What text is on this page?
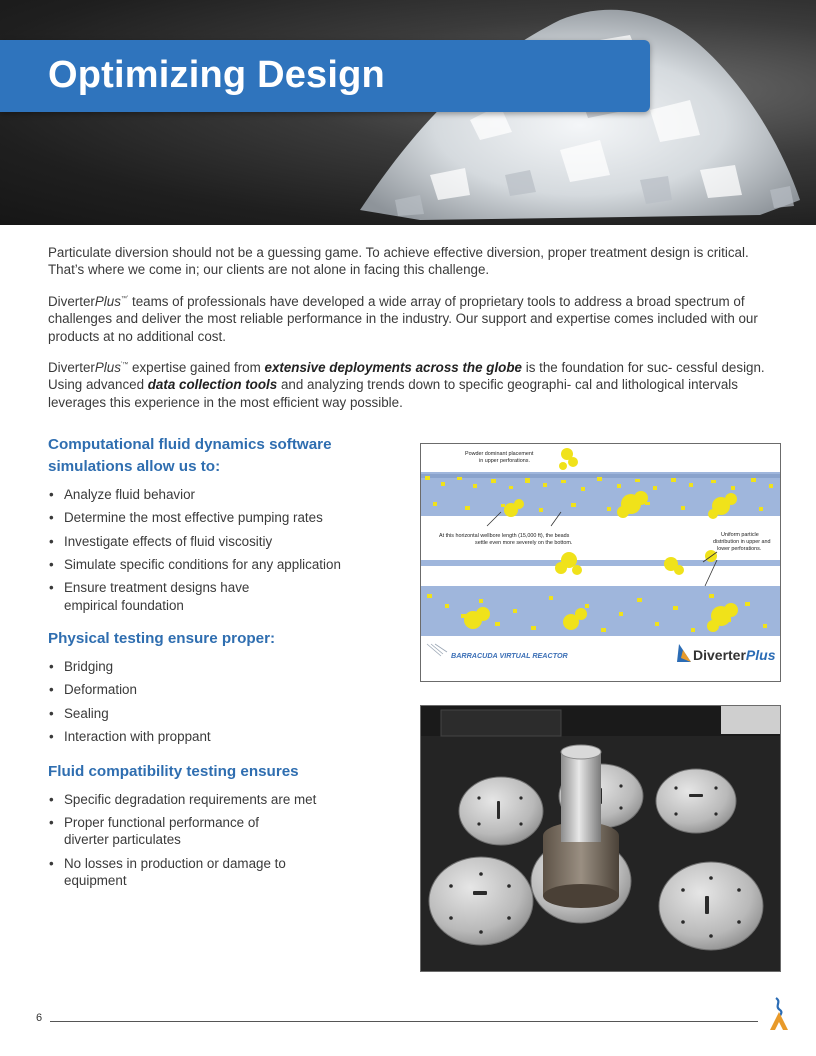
Optimizing Design

Particulate diversion should not be a guessing game. To achieve effective diversion, proper treatment design is critical. That’s where we come in; our clients are not alone in facing this challenge.

DiverterPlus™’ teams of professionals have developed a wide array of proprietary tools to address a broad spectrum of challenges and deliver the most reliable performance in the industry. Our support and expertise comes included with our products at no additional cost.

DiverterPlus’™ expertise gained from extensive deployments across the globe is the foundation for suc- cessful design. Using advanced data collection tools and analyzing trends down to specific geographi- cal and lithological intervals leverages this experience in the most efficient way possible.

Computational fluid dynamics software simulations allow us to:
• Analyze fluid behavior
• Determine the most effective pumping rates
• Investigate effects of fluid viscositiy
• Simulate specific conditions for any application
• Ensure treatment designs have empirical foundation
Physical testing ensure proper:
• Bridging
• Deformation
• Sealing
• Interaction with proppant
Fluid compatibility testing ensures
• Specific degradation requirements are met
• Proper functional performance of diverter particulates
• No losses in production or damage to equipment
Powder dominant placement
in upper perforations.
At this horizontal wellbore length (15,000 ft), the beads
settle even more severely on the bottom.
Uniform particle
distribution in upper and
lower perforations.
BARRACUDA VIRTUAL REACTOR	DiverterPlus
6
